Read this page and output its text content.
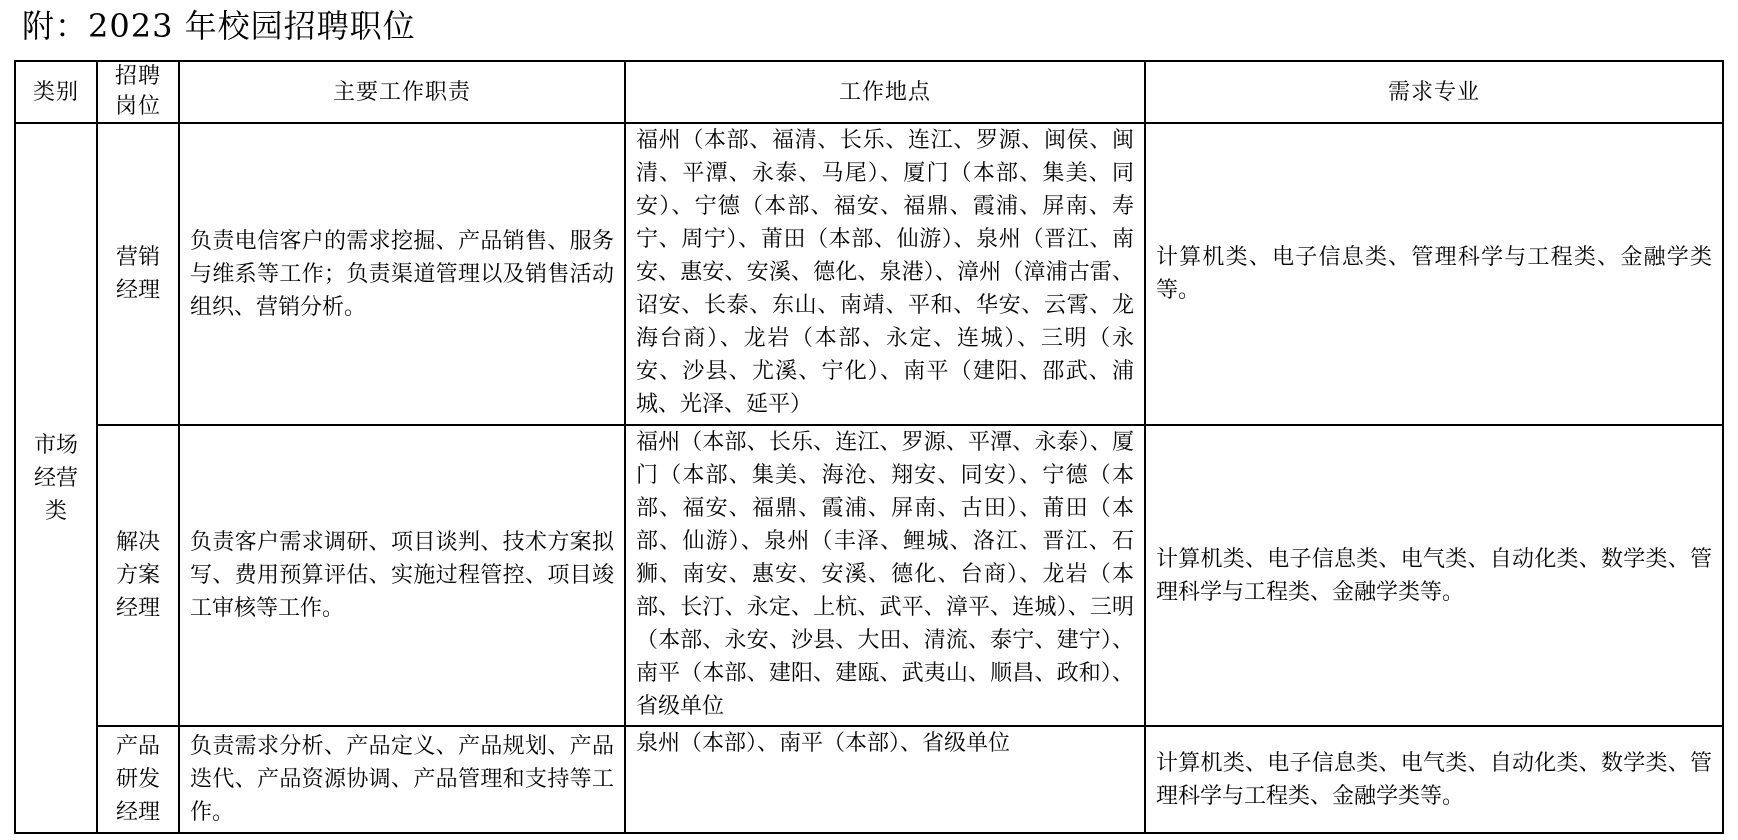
附：2023 年校园招聘职位
类别	招聘岗位	主要工作职责	工作地点	需求专业
市场经营类	营销经理	负责电信客户的需求挖掘、产品销售、服务与维系等工作；负责渠道管理以及销售活动组织、营销分析。	福州（本部、福清、长乐、连江、罗源、闽侯、闽清、平潭、永泰、马尾）、厦门（本部、集美、同安）、宁德（本部、福安、福鼎、霞浦、屏南、寿宁、周宁）、莆田（本部、仙游）、泉州（晋江、南安、惠安、安溪、德化、泉港）、漳州（漳浦古雷、诏安、长泰、东山、南靖、平和、华安、云霄、龙海台商）、龙岩（本部、永定、连城）、三明（永安、沙县、尤溪、宁化）、南平（建阳、邵武、浦城、光泽、延平）	计算机类、电子信息类、管理科学与工程类、金融学类等。
	解决方案经理	负责客户需求调研、项目谈判、技术方案拟写、费用预算评估、实施过程管控、项目竣工审核等工作。	福州（本部、长乐、连江、罗源、平潭、永泰）、厦门（本部、集美、海沧、翔安、同安）、宁德（本部、福安、福鼎、霞浦、屏南、古田）、莆田（本部、仙游）、泉州（丰泽、鲤城、洛江、晋江、石狮、南安、惠安、安溪、德化、台商）、龙岩（本部、长汀、永定、上杭、武平、漳平、连城）、三明（本部、永安、沙县、大田、清流、泰宁、建宁）、南平（本部、建阳、建瓯、武夷山、顺昌、政和）、省级单位	计算机类、电子信息类、电气类、自动化类、数学类、管理科学与工程类、金融学类等。
	产品研发经理	负责需求分析、产品定义、产品规划、产品迭代、产品资源协调、产品管理和支持等工作。	泉州（本部）、南平（本部）、省级单位	计算机类、电子信息类、电气类、自动化类、数学类、管理科学与工程类、金融学类等。
